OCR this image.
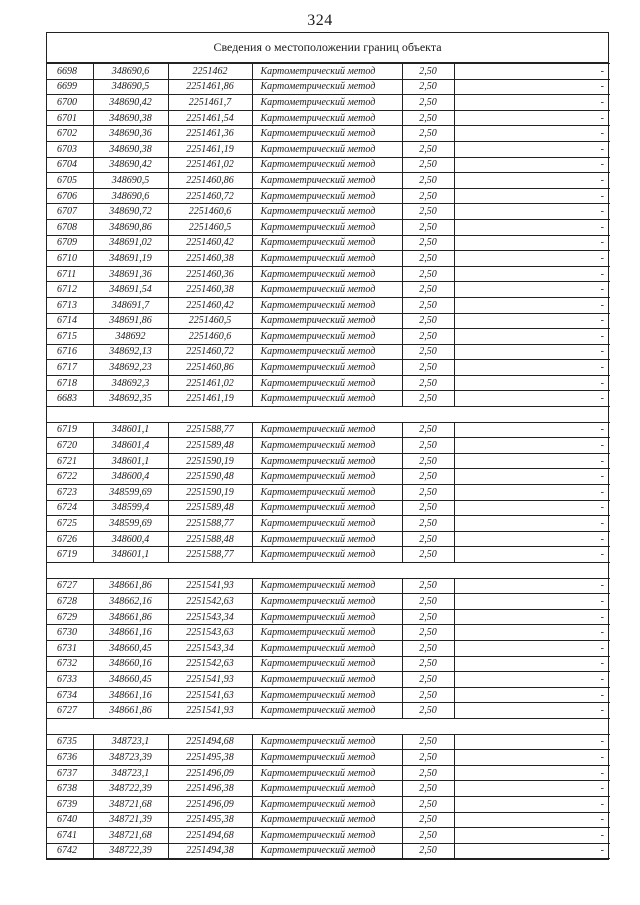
324
Сведения о местоположении границ объекта
6698	348690,6	2251462	Картометрический метод	2,50	-
6699	348690,5	2251461,86	Картометрический метод	2,50	-
6700	348690,42	2251461,7	Картометрический метод	2,50	-
6701	348690,38	2251461,54	Картометрический метод	2,50	-
6702	348690,36	2251461,36	Картометрический метод	2,50	-
6703	348690,38	2251461,19	Картометрический метод	2,50	-
6704	348690,42	2251461,02	Картометрический метод	2,50	-
6705	348690,5	2251460,86	Картометрический метод	2,50	-
6706	348690,6	2251460,72	Картометрический метод	2,50	-
6707	348690,72	2251460,6	Картометрический метод	2,50	-
6708	348690,86	2251460,5	Картометрический метод	2,50	-
6709	348691,02	2251460,42	Картометрический метод	2,50	-
6710	348691,19	2251460,38	Картометрический метод	2,50	-
6711	348691,36	2251460,36	Картометрический метод	2,50	-
6712	348691,54	2251460,38	Картометрический метод	2,50	-
6713	348691,7	2251460,42	Картометрический метод	2,50	-
6714	348691,86	2251460,5	Картометрический метод	2,50	-
6715	348692	2251460,6	Картометрический метод	2,50	-
6716	348692,13	2251460,72	Картометрический метод	2,50	-
6717	348692,23	2251460,86	Картометрический метод	2,50	-
6718	348692,3	2251461,02	Картометрический метод	2,50	-
6683	348692,35	2251461,19	Картометрический метод	2,50	-

6719	348601,1	2251588,77	Картометрический метод	2,50	-
6720	348601,4	2251589,48	Картометрический метод	2,50	-
6721	348601,1	2251590,19	Картометрический метод	2,50	-
6722	348600,4	2251590,48	Картометрический метод	2,50	-
6723	348599,69	2251590,19	Картометрический метод	2,50	-
6724	348599,4	2251589,48	Картометрический метод	2,50	-
6725	348599,69	2251588,77	Картометрический метод	2,50	-
6726	348600,4	2251588,48	Картометрический метод	2,50	-
6719	348601,1	2251588,77	Картометрический метод	2,50	-

6727	348661,86	2251541,93	Картометрический метод	2,50	-
6728	348662,16	2251542,63	Картометрический метод	2,50	-
6729	348661,86	2251543,34	Картометрический метод	2,50	-
6730	348661,16	2251543,63	Картометрический метод	2,50	-
6731	348660,45	2251543,34	Картометрический метод	2,50	-
6732	348660,16	2251542,63	Картометрический метод	2,50	-
6733	348660,45	2251541,93	Картометрический метод	2,50	-
6734	348661,16	2251541,63	Картометрический метод	2,50	-
6727	348661,86	2251541,93	Картометрический метод	2,50	-

6735	348723,1	2251494,68	Картометрический метод	2,50	-
6736	348723,39	2251495,38	Картометрический метод	2,50	-
6737	348723,1	2251496,09	Картометрический метод	2,50	-
6738	348722,39	2251496,38	Картометрический метод	2,50	-
6739	348721,68	2251496,09	Картометрический метод	2,50	-
6740	348721,39	2251495,38	Картометрический метод	2,50	-
6741	348721,68	2251494,68	Картометрический метод	2,50	-
6742	348722,39	2251494,38	Картометрический метод	2,50	-
